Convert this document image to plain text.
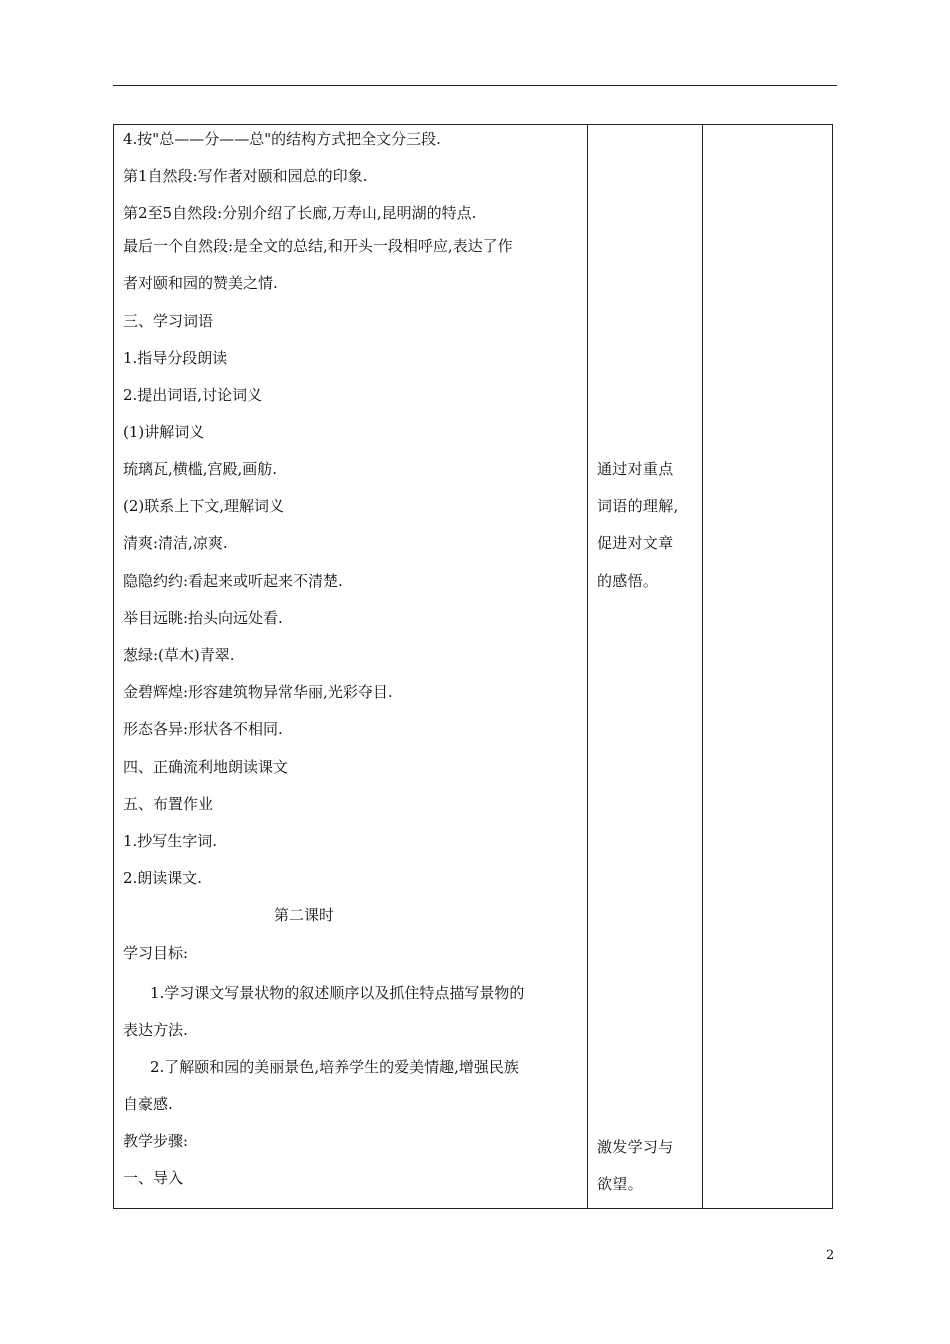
4.按"总——分——总"的结构方式把全文分三段.
第1自然段:写作者对颐和园总的印象.
第2至5自然段:分别介绍了长廊,万寿山,昆明湖的特点.
最后一个自然段:是全文的总结,和开头一段相呼应,表达了作
者对颐和园的赞美之情.
三、学习词语
1.指导分段朗读
2.提出词语,讨论词义
(1)讲解词义
琉璃瓦,横槛,宫殿,画舫.
(2)联系上下文,理解词义
清爽:清洁,凉爽.
隐隐约约:看起来或听起来不清楚.
举目远眺:抬头向远处看.
葱绿:(草木)青翠.
金碧辉煌:形容建筑物异常华丽,光彩夺目.
形态各异:形状各不相同.
四、正确流利地朗读课文
五、布置作业
1.抄写生字词.
2.朗读课文.
第二课时
学习目标:
1.学习课文写景状物的叙述顺序以及抓住特点描写景物的
表达方法.
2.了解颐和园的美丽景色,培养学生的爱美情趣,增强民族
自豪感.
教学步骤:
一、导入
通过对重点
词语的理解,
促进对文章
的感悟。
激发学习与
欲望。
2
